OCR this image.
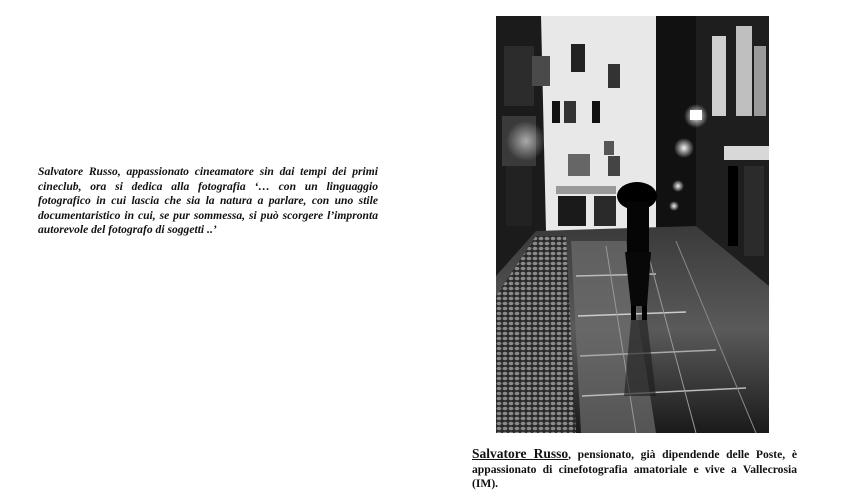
Salvatore Russo, appassionato cineamatore sin dai tempi dei primi cineclub, ora si dedica alla fotografia ‘… con un linguaggio fotografico in cui lascia che sia la natura a parlare, con uno stile documentaristico in cui, se pur sommessa, si può scorgere l’impronta autorevole del fotografo di soggetti ..’

Salvatore Russo, pensionato, già dipendende delle Poste, è appassionato di cinefotografia amatoriale e vive a Vallecrosia (IM).
